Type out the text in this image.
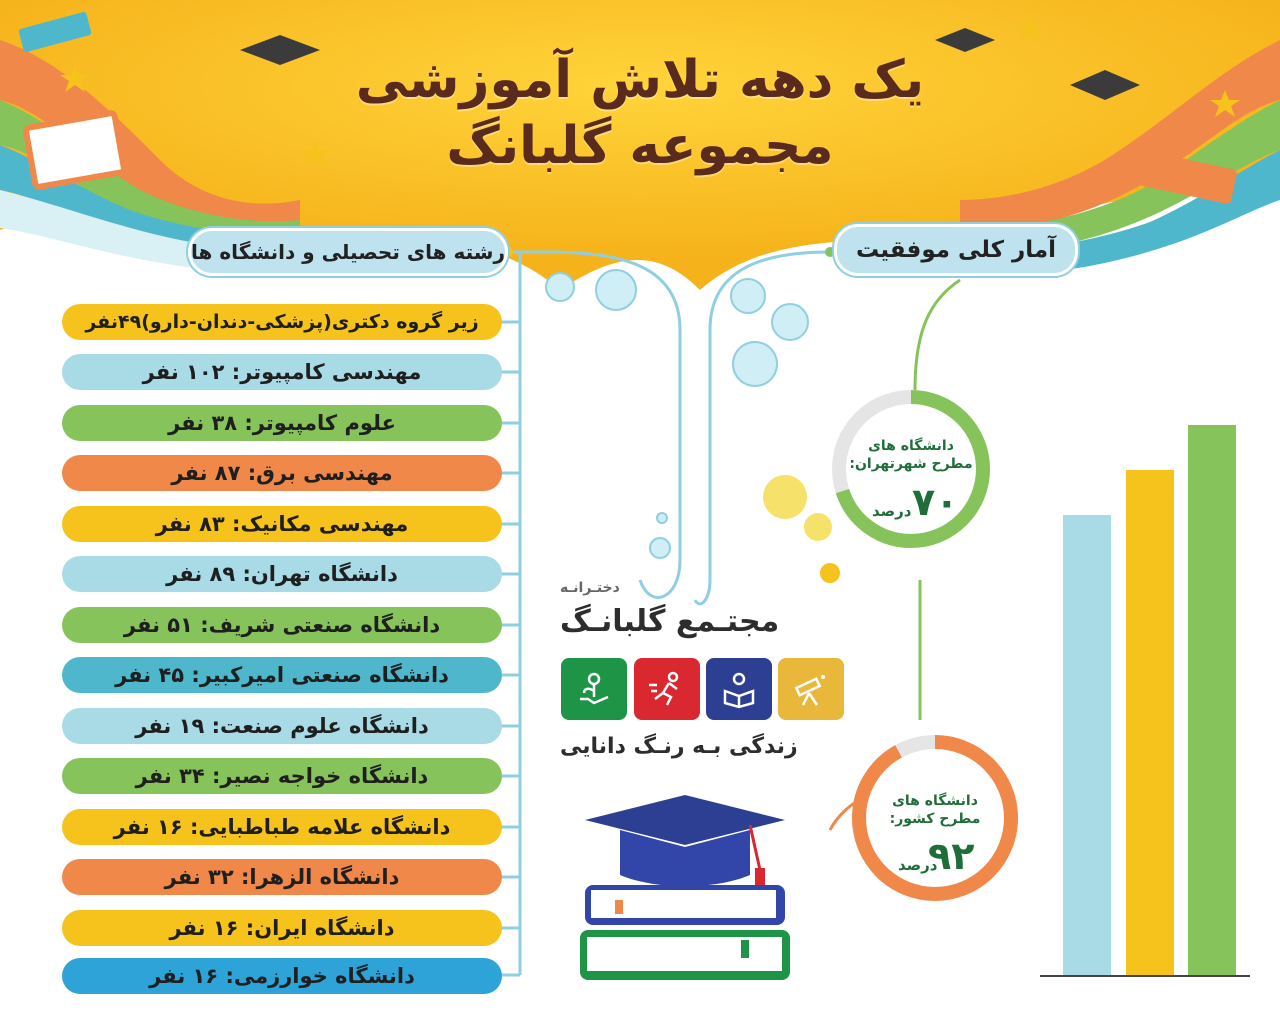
یک دهه تلاش آموزشی
مجموعه گلبانگ
رشته های تحصیلی و دانشگاه ها	آمار کلی موفقیت
زیر گروه دکتری(پزشکی-دندان-دارو)۴۹نفر
مهندسی کامپیوتر: ۱۰۲ نفر
علوم کامپیوتر: ۳۸ نفر
مهندسی برق: ۸۷ نفر
مهندسی مکانیک: ۸۳ نفر
دانشگاه تهران: ۸۹ نفر
دانشگاه صنعتی شریف: ۵۱ نفر
دانشگاه صنعتی امیرکبیر: ۴۵ نفر
دانشگاه علوم صنعت: ۱۹ نفر
دانشگاه خواجه نصیر: ۳۴ نفر
دانشگاه علامه طباطبایی: ۱۶ نفر
دانشگاه الزهرا: ۳۲ نفر
دانشگاه ایران: ۱۶ نفر
دانشگاه خوارزمی: ۱۶ نفر
دانشگاه های
مطرح شهرتهران:
۷۰
درصد
دانشگاه های
مطرح کشور:
۹۲
درصد
دختـرانـه
مجتـمع گلبانـگ
زندگی بـه رنـگ دانایی
